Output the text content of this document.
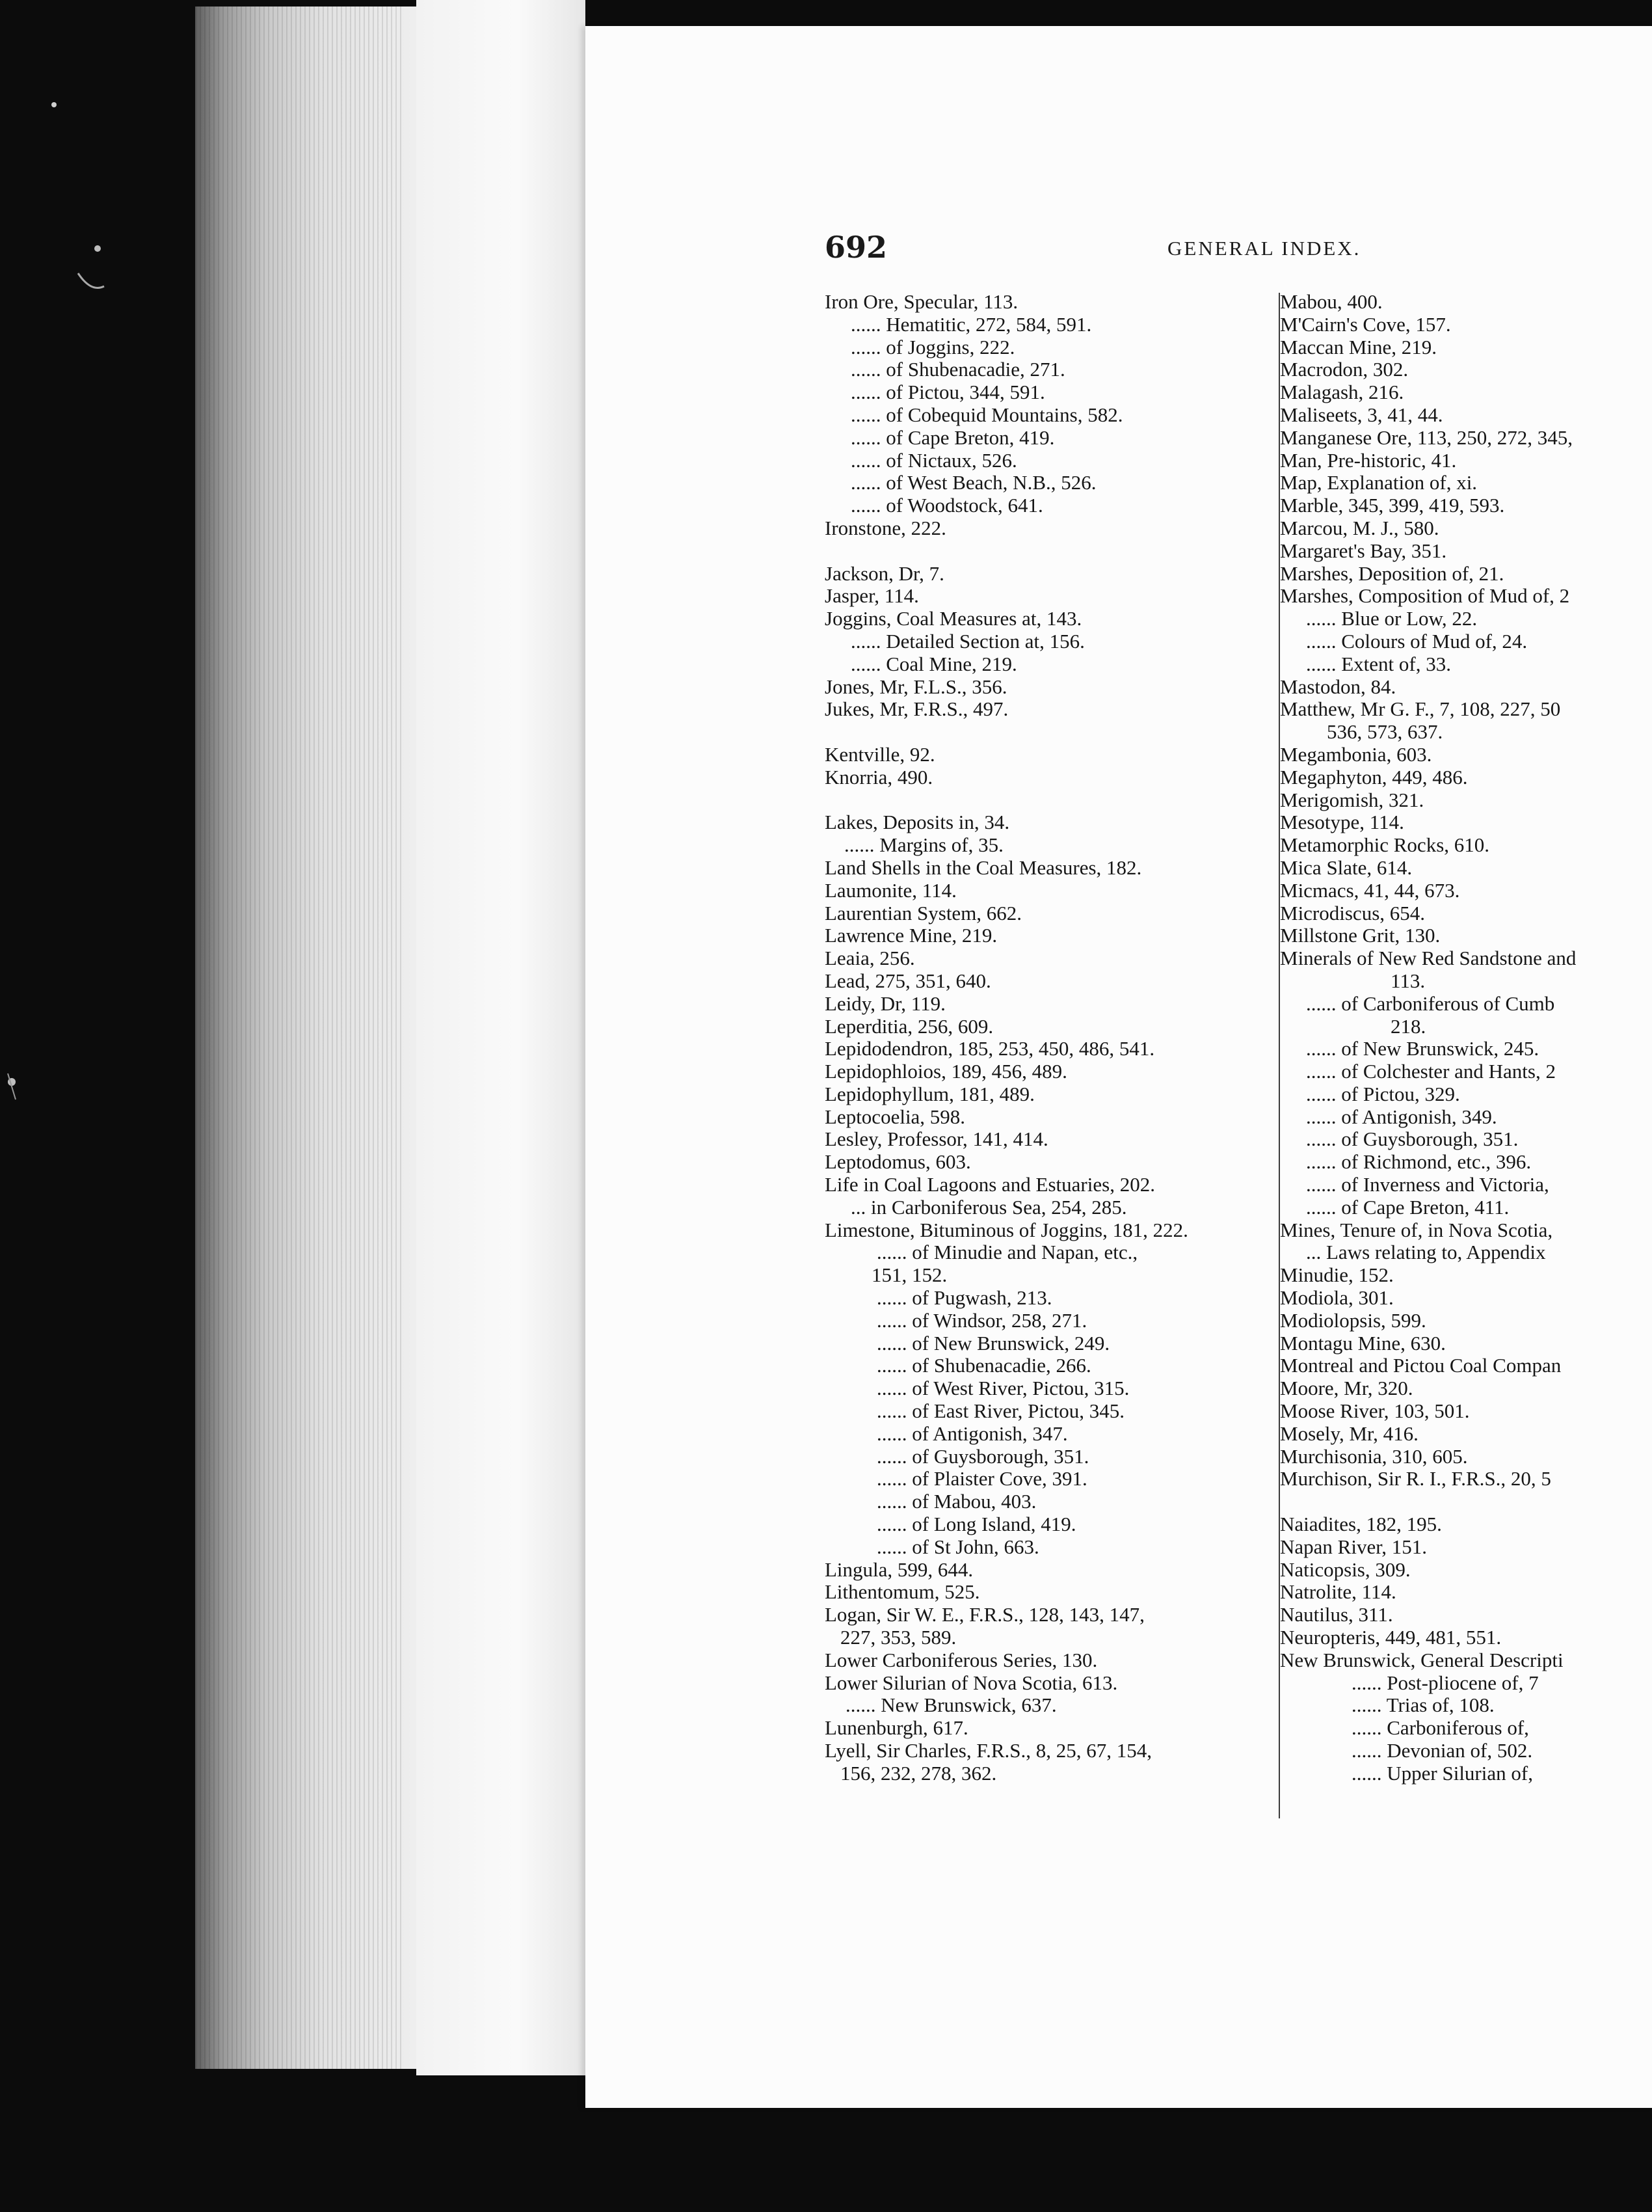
692	GENERAL INDEX.
Iron Ore, Specular, 113.
...... Hematitic, 272, 584, 591.
...... of Joggins, 222.
...... of Shubenacadie, 271.
...... of Pictou, 344, 591.
...... of Cobequid Mountains, 582.
...... of Cape Breton, 419.
...... of Nictaux, 526.
...... of West Beach, N.B., 526.
...... of Woodstock, 641.
Ironstone, 222.
Jackson, Dr, 7.
Jasper, 114.
Joggins, Coal Measures at, 143.
...... Detailed Section at, 156.
...... Coal Mine, 219.
Jones, Mr, F.L.S., 356.
Jukes, Mr, F.R.S., 497.
Kentville, 92.
Knorria, 490.
Lakes, Deposits in, 34.
...... Margins of, 35.
Land Shells in the Coal Measures, 182.
Laumonite, 114.
Laurentian System, 662.
Lawrence Mine, 219.
Leaia, 256.
Lead, 275, 351, 640.
Leidy, Dr, 119.
Leperditia, 256, 609.
Lepidodendron, 185, 253, 450, 486, 541.
Lepidophloios, 189, 456, 489.
Lepidophyllum, 181, 489.
Leptocoelia, 598.
Lesley, Professor, 141, 414.
Leptodomus, 603.
Life in Coal Lagoons and Estuaries, 202.
... in Carboniferous Sea, 254, 285.
Limestone, Bituminous of Joggins, 181, 222.
...... of Minudie and Napan, etc.,
151, 152.
...... of Pugwash, 213.
...... of Windsor, 258, 271.
...... of New Brunswick, 249.
...... of Shubenacadie, 266.
...... of West River, Pictou, 315.
...... of East River, Pictou, 345.
...... of Antigonish, 347.
...... of Guysborough, 351.
...... of Plaister Cove, 391.
...... of Mabou, 403.
...... of Long Island, 419.
...... of St John, 663.
Lingula, 599, 644.
Lithentomum, 525.
Logan, Sir W. E., F.R.S., 128, 143, 147,
227, 353, 589.
Lower Carboniferous Series, 130.
Lower Silurian of Nova Scotia, 613.
...... New Brunswick, 637.
Lunenburgh, 617.
Lyell, Sir Charles, F.R.S., 8, 25, 67, 154,
156, 232, 278, 362.
Mabou, 400.
M'Cairn's Cove, 157.
Maccan Mine, 219.
Macrodon, 302.
Malagash, 216.
Maliseets, 3, 41, 44.
Manganese Ore, 113, 250, 272, 345,
Man, Pre-historic, 41.
Map, Explanation of, xi.
Marble, 345, 399, 419, 593.
Marcou, M. J., 580.
Margaret's Bay, 351.
Marshes, Deposition of, 21.
Marshes, Composition of Mud of, 2
...... Blue or Low, 22.
...... Colours of Mud of, 24.
...... Extent of, 33.
Mastodon, 84.
Matthew, Mr G. F., 7, 108, 227, 50
536, 573, 637.
Megambonia, 603.
Megaphyton, 449, 486.
Merigomish, 321.
Mesotype, 114.
Metamorphic Rocks, 610.
Mica Slate, 614.
Micmacs, 41, 44, 673.
Microdiscus, 654.
Millstone Grit, 130.
Minerals of New Red Sandstone and
113.
...... of Carboniferous of Cumb
218.
...... of New Brunswick, 245.
...... of Colchester and Hants, 2
...... of Pictou, 329.
...... of Antigonish, 349.
...... of Guysborough, 351.
...... of Richmond, etc., 396.
...... of Inverness and Victoria,
...... of Cape Breton, 411.
Mines, Tenure of, in Nova Scotia,
... Laws relating to, Appendix
Minudie, 152.
Modiola, 301.
Modiolopsis, 599.
Montagu Mine, 630.
Montreal and Pictou Coal Compan
Moore, Mr, 320.
Moose River, 103, 501.
Mosely, Mr, 416.
Murchisonia, 310, 605.
Murchison, Sir R. I., F.R.S., 20, 5
Naiadites, 182, 195.
Napan River, 151.
Naticopsis, 309.
Natrolite, 114.
Nautilus, 311.
Neuropteris, 449, 481, 551.
New Brunswick, General Descripti
...... Post-pliocene of, 7
...... Trias of, 108.
...... Carboniferous of,
...... Devonian of, 502.
...... Upper Silurian of,
